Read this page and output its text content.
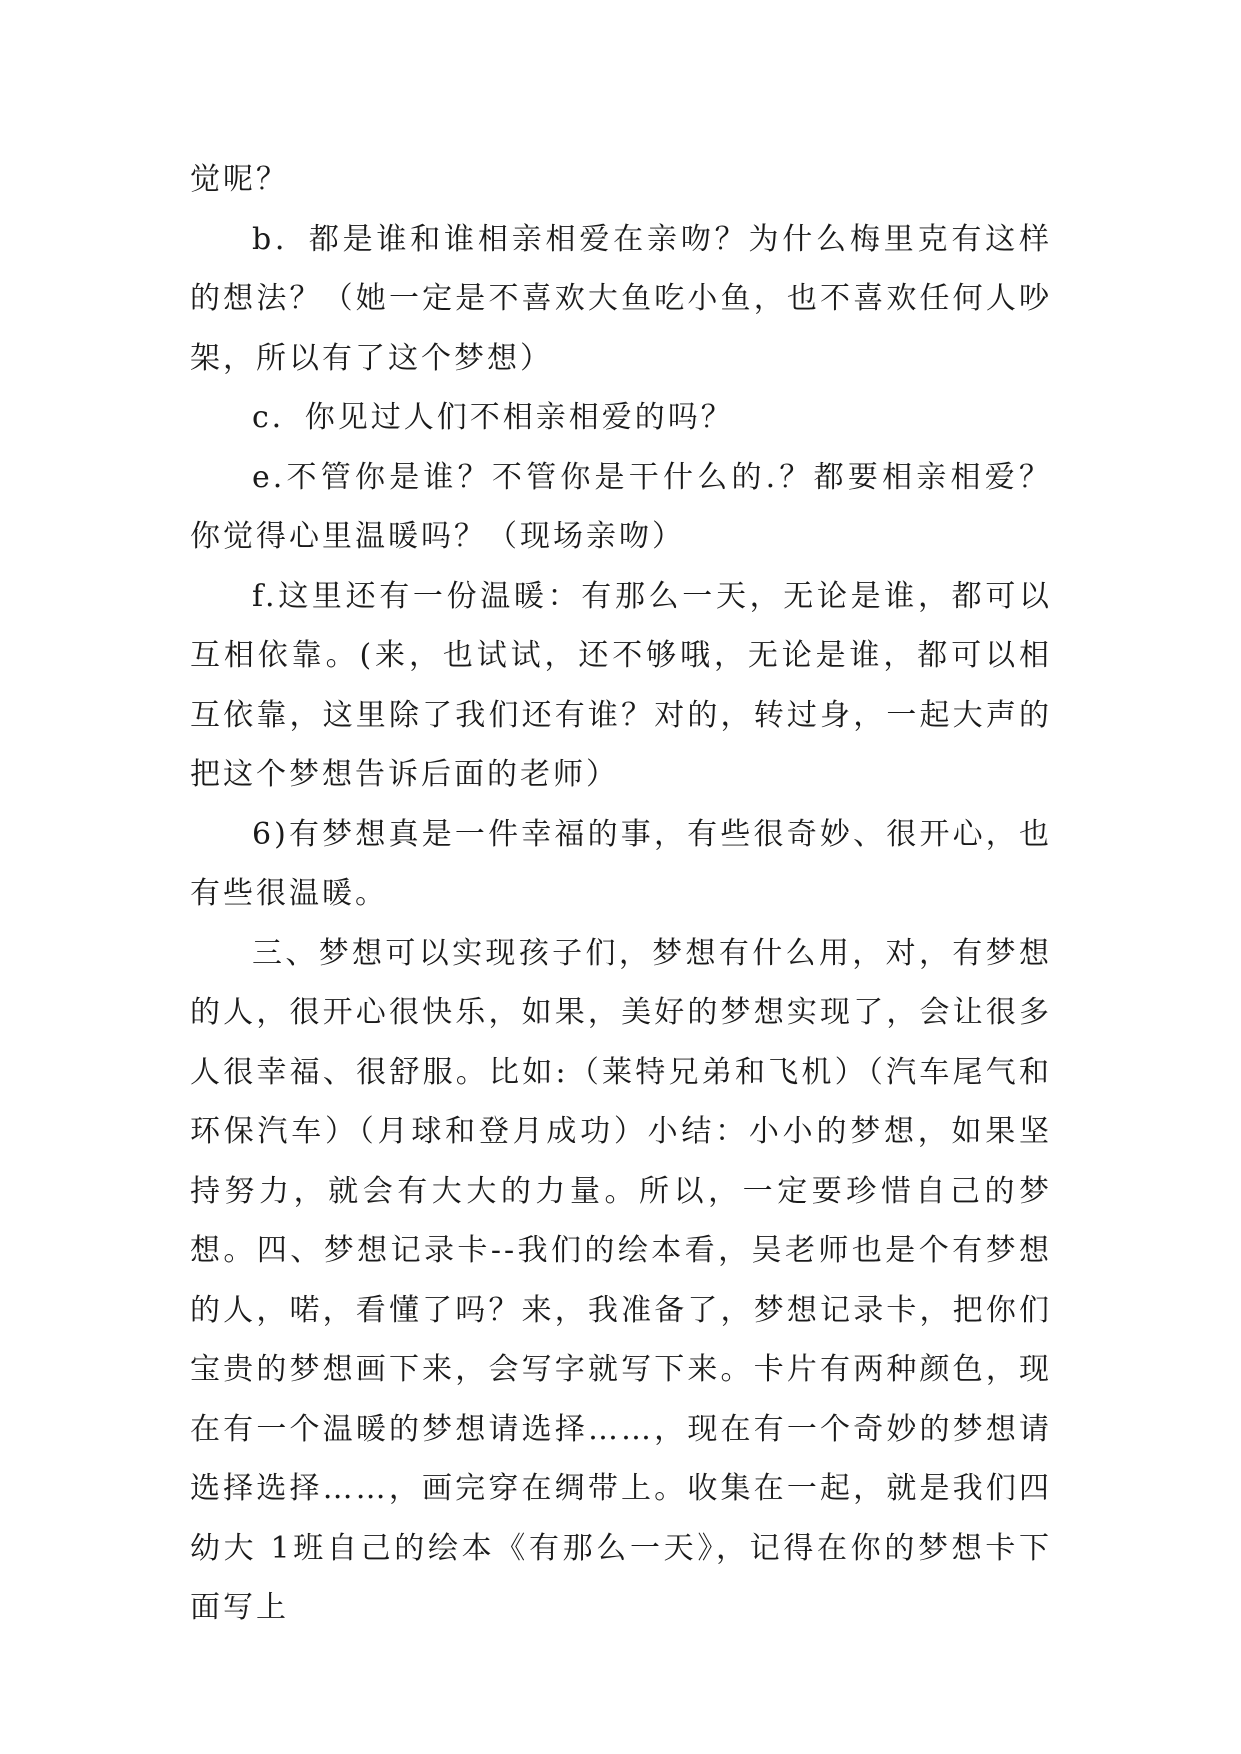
觉呢？

b．都是谁和谁相亲相爱在亲吻？为什么梅里克有这样的想法？（她一定是不喜欢大鱼吃小鱼，也不喜欢任何人吵架，所以有了这个梦想）

c．你见过人们不相亲相爱的吗？

e.不管你是谁？不管你是干什么的.？都要相亲相爱？你觉得心里温暖吗？（现场亲吻）

f.这里还有一份温暖：有那么一天，无论是谁，都可以互相依靠。(来，也试试，还不够哦，无论是谁，都可以相互依靠，这里除了我们还有谁？对的，转过身，一起大声的把这个梦想告诉后面的老师）

6)有梦想真是一件幸福的事，有些很奇妙、很开心，也有些很温暖。

三、梦想可以实现孩子们，梦想有什么用，对，有梦想的人，很开心很快乐，如果，美好的梦想实现了，会让很多人很幸福、很舒服。比如:（莱特兄弟和飞机）（汽车尾气和环保汽车）（月球和登月成功）小结：小小的梦想，如果坚持努力，就会有大大的力量。所以，一定要珍惜自己的梦想。四、梦想记录卡--我们的绘本看，吴老师也是个有梦想的人，喏，看懂了吗？来，我准备了，梦想记录卡，把你们宝贵的梦想画下来，会写字就写下来。卡片有两种颜色，现在有一个温暖的梦想请选择……，现在有一个奇妙的梦想请选择选择……，画完穿在绸带上。收集在一起，就是我们四幼大 1班自己的绘本《有那么一天》，记得在你的梦想卡下面写上
